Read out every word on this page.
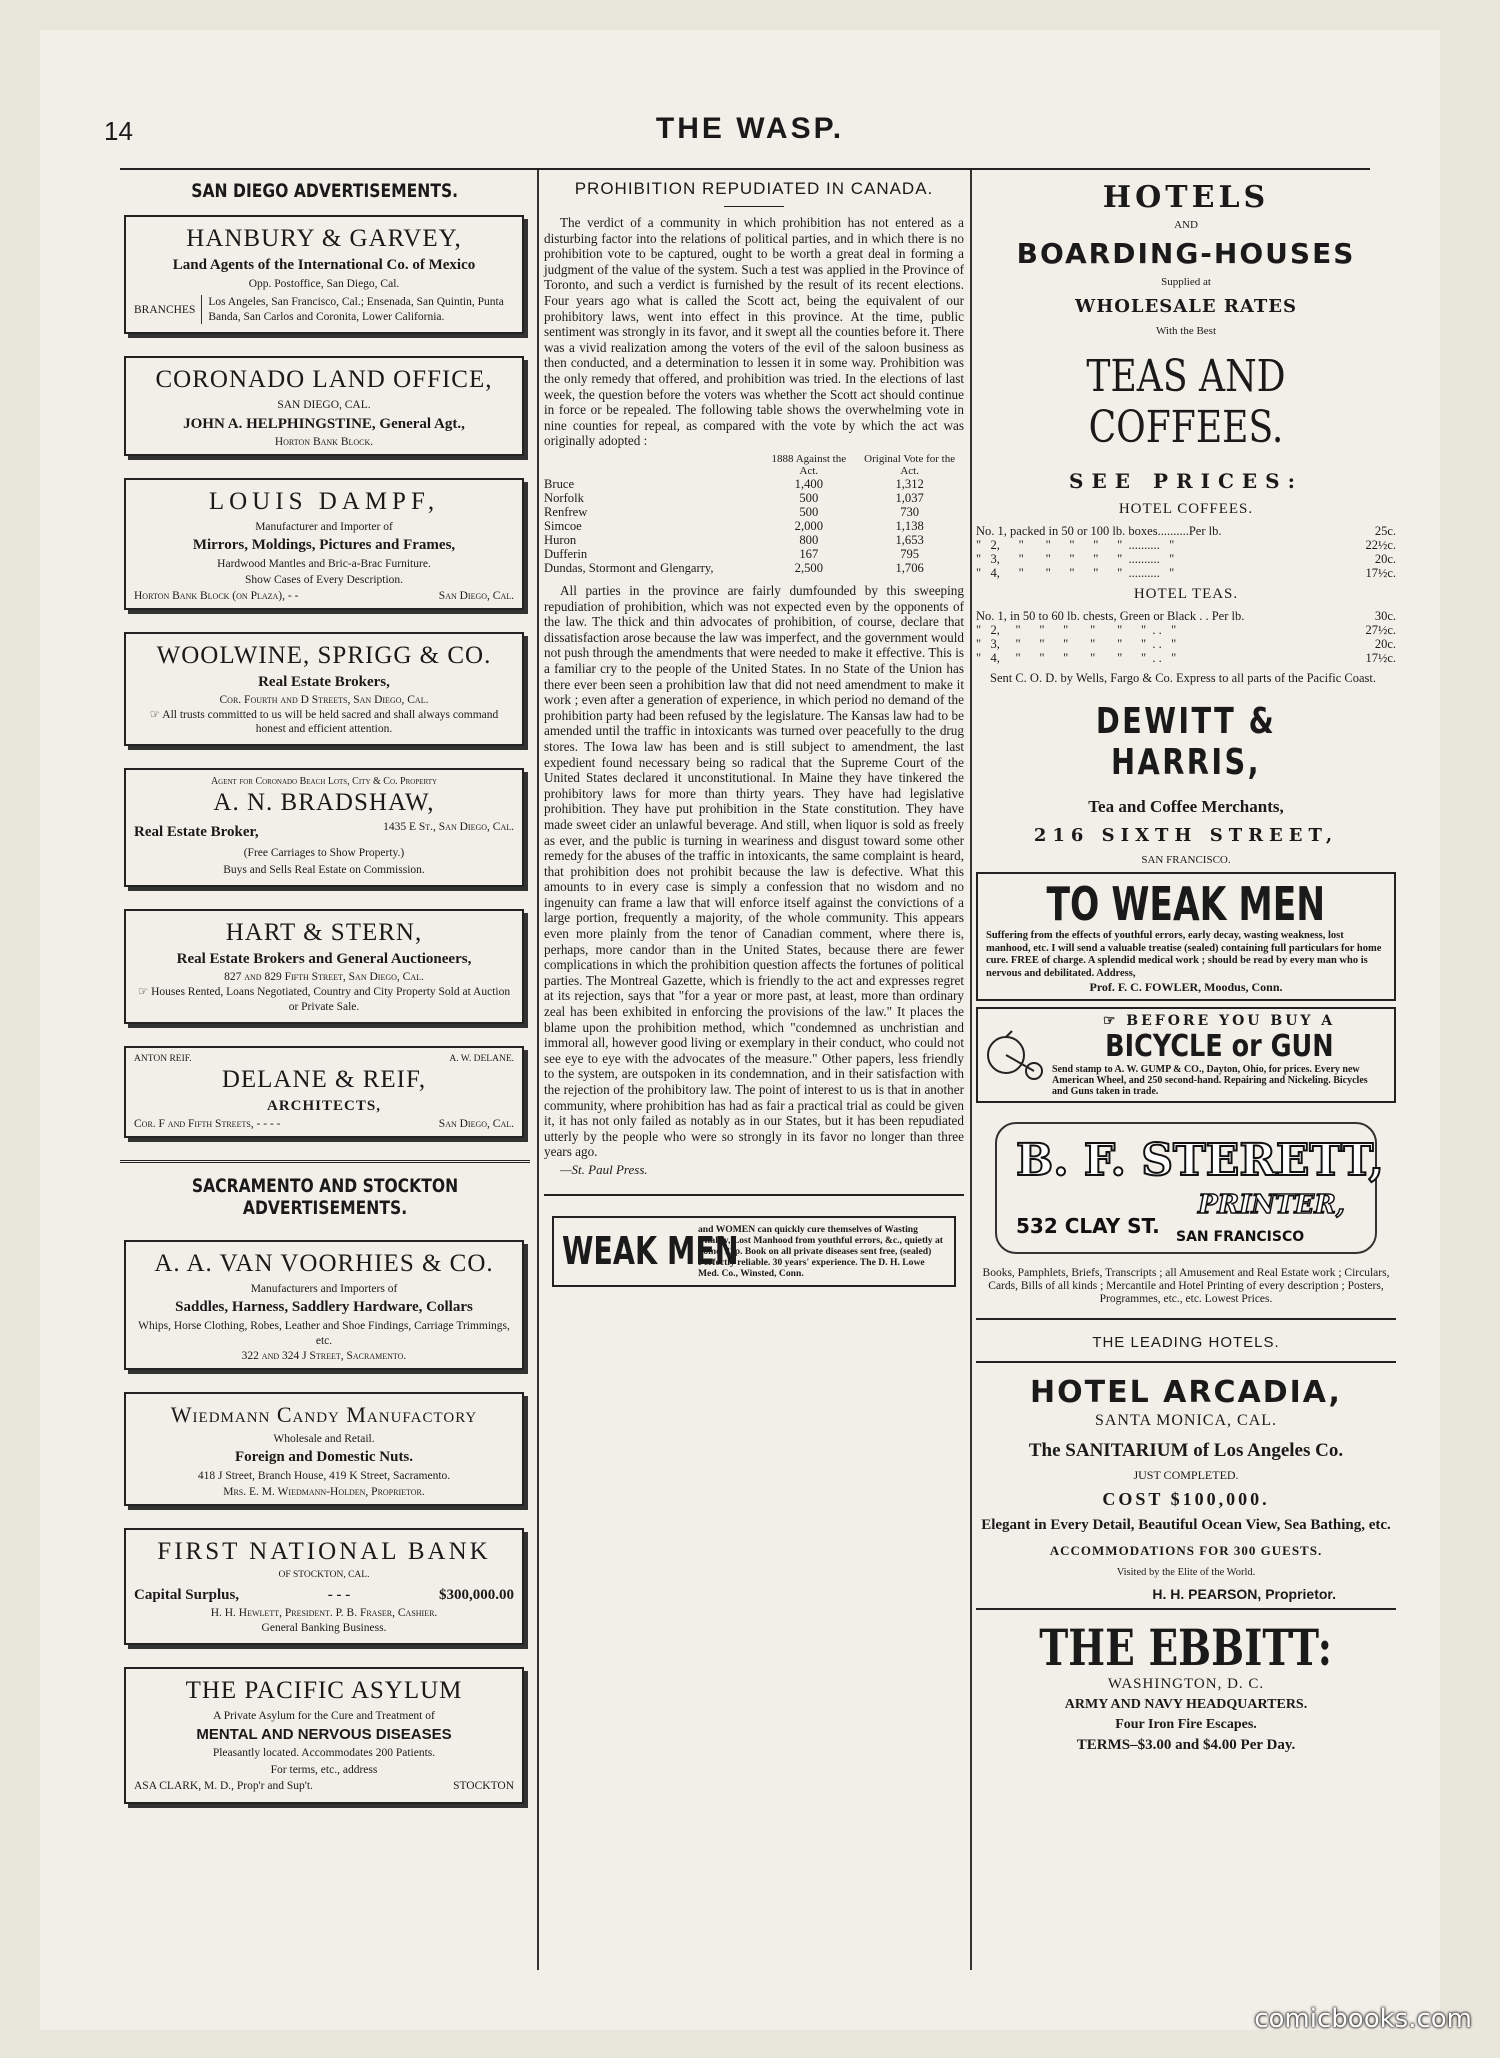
14	THE WASP.
SAN DIEGO ADVERTISEMENTS.
HANBURY & GARVEY,
Land Agents of the International Co. of Mexico
Opp. Postoffice, San Diego, Cal.
BRANCHES
Los Angeles, San Francisco, Cal.; Ensenada, San Quintin, Punta Banda, San Carlos and Coronita, Lower California.
CORONADO LAND OFFICE,
SAN DIEGO, CAL.
JOHN A. HELPHINGSTINE, General Agt.,
Horton Bank Block.
LOUIS DAMPF,
Manufacturer and Importer of
Mirrors, Moldings, Pictures and Frames,
Hardwood Mantles and Bric-a-Brac Furniture.
Show Cases of Every Description.
Horton Bank Block (on Plaza), - -	San Diego, Cal.
WOOLWINE, SPRIGG & CO.
Real Estate Brokers,
Cor. Fourth and D Streets, San Diego, Cal.
☞ All trusts committed to us will be held sacred and shall always command honest and efficient attention.
Agent for Coronado Beach Lots, City & Co. Property
A. N. BRADSHAW,
Real Estate Broker,	1435 E St., San Diego, Cal.
(Free Carriages to Show Property.)
Buys and Sells Real Estate on Commission.
HART & STERN,
Real Estate Brokers and General Auctioneers,
827 and 829 Fifth Street, San Diego, Cal.
☞ Houses Rented, Loans Negotiated, Country and City Property Sold at Auction or Private Sale.
ANTON REIF.	A. W. DELANE.
DELANE & REIF,
ARCHITECTS,
Cor. F and Fifth Streets, - - - -	San Diego, Cal.
SACRAMENTO AND STOCKTON ADVERTISEMENTS.
A. A. VAN VOORHIES & CO.
Manufacturers and Importers of
Saddles, Harness, Saddlery Hardware, Collars
Whips, Horse Clothing, Robes, Leather and Shoe Findings, Carriage Trimmings, etc.
322 and 324 J Street, Sacramento.
Wiedmann Candy Manufactory
Wholesale and Retail.
Foreign and Domestic Nuts.
418 J Street, Branch House, 419 K Street, Sacramento.
Mrs. E. M. Wiedmann-Holden, Proprietor.
FIRST NATIONAL BANK
OF STOCKTON, CAL.
Capital Surplus,	- - -	$300,000.00
H. H. Hewlett, President. P. B. Fraser, Cashier.
General Banking Business.
THE PACIFIC ASYLUM
A Private Asylum for the Cure and Treatment of
MENTAL AND NERVOUS DISEASES
Pleasantly located. Accommodates 200 Patients.
For terms, etc., address
ASA CLARK, M. D., Prop'r and Sup't.	STOCKTON
PROHIBITION REPUDIATED IN CANADA.

The verdict of a community in which prohibition has not entered as a disturbing factor into the relations of political parties, and in which there is no prohibition vote to be captured, ought to be worth a great deal in forming a judgment of the value of the system. Such a test was applied in the Province of Toronto, and such a verdict is furnished by the result of its recent elections. Four years ago what is called the Scott act, being the equivalent of our prohibitory laws, went into effect in this province. At the time, public sentiment was strongly in its favor, and it swept all the counties before it. There was a vivid realization among the voters of the evil of the saloon business as then conducted, and a determination to lessen it in some way. Prohibition was the only remedy that offered, and prohibition was tried. In the elections of last week, the question before the voters was whether the Scott act should continue in force or be repealed. The following table shows the overwhelming vote in nine counties for repeal, as compared with the vote by which the act was originally adopted :

	1888 Against the Act.	Original Vote for the Act.
Bruce	1,400	1,312
Norfolk	500	1,037
Renfrew	500	730
Simcoe	2,000	1,138
Huron	800	1,653
Dufferin	167	795
Dundas, Stormont and Glengarry,	2,500	1,706

All parties in the province are fairly dumfounded by this sweeping repudiation of prohibition, which was not expected even by the opponents of the law. The thick and thin advocates of prohibition, of course, declare that dissatisfaction arose because the law was imperfect, and the government would not push through the amendments that were needed to make it effective. This is a familiar cry to the people of the United States. In no State of the Union has there ever been seen a prohibition law that did not need amendment to make it work ; even after a generation of experience, in which period no demand of the prohibition party had been refused by the legislature. The Kansas law had to be amended until the traffic in intoxicants was turned over peacefully to the drug stores. The Iowa law has been and is still subject to amendment, the last expedient found necessary being so radical that the Supreme Court of the United States declared it unconstitutional. In Maine they have tinkered the prohibitory laws for more than thirty years. They have had legislative prohibition. They have put prohibition in the State constitution. They have made sweet cider an unlawful beverage. And still, when liquor is sold as freely as ever, and the public is turning in weariness and disgust toward some other remedy for the abuses of the traffic in intoxicants, the same complaint is heard, that prohibition does not prohibit because the law is defective. What this amounts to in every case is simply a confession that no wisdom and no ingenuity can frame a law that will enforce itself against the convictions of a large portion, frequently a majority, of the whole community. This appears even more plainly from the tenor of Canadian comment, where there is, perhaps, more candor than in the United States, because there are fewer complications in which the prohibition question affects the fortunes of political parties. The Montreal Gazette, which is friendly to the act and expresses regret at its rejection, says that "for a year or more past, at least, more than ordinary zeal has been exhibited in enforcing the provisions of the law." It places the blame upon the prohibition method, which "condemned as unchristian and immoral all, however good living or exemplary in their conduct, who could not see eye to eye with the advocates of the measure." Other papers, less friendly to the system, are outspoken in its condemnation, and in their satisfaction with the rejection of the prohibitory law. The point of interest to us is that in another community, where prohibition has had as fair a practical trial as could be given it, it has not only failed as notably as in our States, but it has been repudiated utterly by the people who were so strongly in its favor no longer than three years ago.

—St. Paul Press.
WEAK MEN
and WOMEN can quickly cure themselves of Wasting Vitality, Lost Manhood from youthful errors, &c., quietly at home. 32p. Book on all private diseases sent free, (sealed) Perfectly reliable. 30 years' experience. The D. H. Lowe Med. Co., Winsted, Conn.
HOTELS
AND
BOARDING-HOUSES
Supplied at
WHOLESALE RATES
With the Best
TEAS AND COFFEES.
SEE PRICES:
HOTEL COFFEES.
No. 1, packed in 50 or 100 lb. boxes..........Per lb.	25c.
"   2,      "       "      "      "      "  ..........   "	22½c.
"   3,      "       "      "      "      "  ..........   "	20c.
"   4,      "       "      "      "      "  ..........   "	17½c.
HOTEL TEAS.
No. 1, in 50 to 60 lb. chests, Green or Black . . Per lb.	30c.
"   2,     "      "      "       "       "      "  . .   "	27½c.
"   3,     "      "      "       "       "      "  . .   "	20c.
"   4,     "      "      "       "       "      "  . .   "	17½c.
Sent C. O. D. by Wells, Fargo & Co. Express to all parts of the Pacific Coast.
DEWITT & HARRIS,
Tea and Coffee Merchants,
216 SIXTH STREET,
SAN FRANCISCO.
TO WEAK MEN
Suffering from the effects of youthful errors, early decay, wasting weakness, lost manhood, etc. I will send a valuable treatise (sealed) containing full particulars for home cure. FREE of charge. A splendid medical work ; should be read by every man who is nervous and debilitated. Address,
Prof. F. C. FOWLER, Moodus, Conn.
☞ BEFORE YOU BUY A
BICYCLE or GUN
Send stamp to A. W. GUMP & CO., Dayton, Ohio, for prices. Every new American Wheel, and 250 second-hand. Repairing and Nickeling. Bicycles and Guns taken in trade.
B. F. STERETT,
PRINTER,
532 CLAY ST. SAN FRANCISCO
Books, Pamphlets, Briefs, Transcripts ; all Amusement and Real Estate work ; Circulars, Cards, Bills of all kinds ; Mercantile and Hotel Printing of every description ; Posters, Programmes, etc., etc. Lowest Prices.
THE LEADING HOTELS.
HOTEL ARCADIA,
SANTA MONICA, CAL.
The SANITARIUM of Los Angeles Co.
JUST COMPLETED.
COST $100,000.
Elegant in Every Detail, Beautiful Ocean View, Sea Bathing, etc.
ACCOMMODATIONS FOR 300 GUESTS.
Visited by the Elite of the World.
H. H. PEARSON, Proprietor.
THE EBBITT:
WASHINGTON, D. C.
ARMY AND NAVY HEADQUARTERS.
Four Iron Fire Escapes.
TERMS–$3.00 and $4.00 Per Day.
comicbooks.com
